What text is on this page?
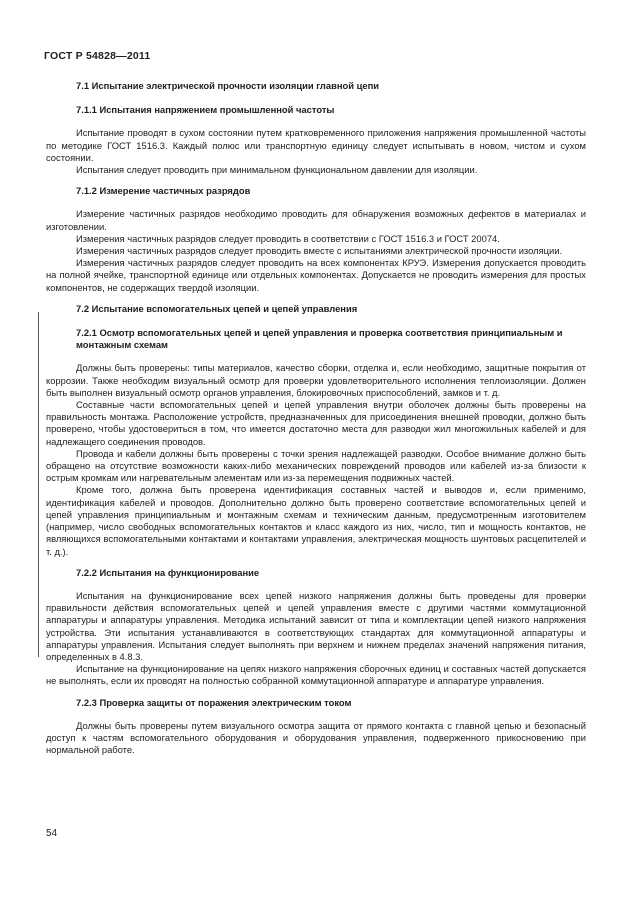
ГОСТ Р 54828—2011

7.1 Испытание электрической прочности изоляции главной цепи

7.1.1 Испытания напряжением промышленной частоты

Испытание проводят в сухом состоянии путем кратковременного приложения напряжения промышленной частоты по методике ГОСТ 1516.3. Каждый полюс или транспортную единицу следует испытывать в новом, чистом и сухом состоянии.

Испытания следует проводить при минимальном функциональном давлении для изоляции.

7.1.2 Измерение частичных разрядов

Измерение частичных разрядов необходимо проводить для обнаружения возможных дефектов в материалах и изготовлении.

Измерения частичных разрядов следует проводить в соответствии с ГОСТ 1516.3 и ГОСТ 20074.

Измерения частичных разрядов следует проводить вместе с испытаниями электрической прочности изоляции.

Измерения частичных разрядов следует проводить на всех компонентах КРУЭ. Измерения допускается проводить на полной ячейке, транспортной единице или отдельных компонентах. Допускается не проводить измерения для простых компонентов, не содержащих твердой изоляции.

7.2 Испытание вспомогательных цепей и цепей управления

7.2.1 Осмотр вспомогательных цепей и цепей управления и проверка соответствия принципиальным и монтажным схемам

Должны быть проверены: типы материалов, качество сборки, отделка и, если необходимо, защитные покрытия от коррозии. Также необходим визуальный осмотр для проверки удовлетворительного исполнения теплоизоляции. Должен быть выполнен визуальный осмотр органов управления, блокировочных приспособлений, замков и т. д.

Составные части вспомогательных цепей и цепей управления внутри оболочек должны быть проверены на правильность монтажа. Расположение устройств, предназначенных для присоединения внешней проводки, должно быть проверено, чтобы удостовериться в том, что имеется достаточно места для разводки жил многожильных кабелей и для надлежащего соединения проводов.

Провода и кабели должны быть проверены с точки зрения надлежащей разводки. Особое внимание должно быть обращено на отсутствие возможности каких-либо механических повреждений проводов или кабелей из-за близости к острым кромкам или нагревательным элементам или из-за перемещения подвижных частей.

Кроме того, должна быть проверена идентификация составных частей и выводов и, если применимо, идентификация кабелей и проводов. Дополнительно должно быть проверено соответствие вспомогательных цепей и цепей управления принципиальным и монтажным схемам и техническим данным, предусмотренным изготовителем (например, число свободных вспомогательных контактов и класс каждого из них, число, тип и мощность контактов, не являющихся вспомогательными контактами и контактами управления, электрическая мощность шунтовых расцепителей и т. д.).

7.2.2 Испытания на функционирование

Испытания на функционирование всех цепей низкого напряжения должны быть проведены для проверки правильности действия вспомогательных цепей и цепей управления вместе с другими частями коммутационной аппаратуры и аппаратуры управления. Методика испытаний зависит от типа и комплектации цепей низкого напряжения устройства. Эти испытания устанавливаются в соответствующих стандартах для коммутационной аппаратуры и аппаратуры управления. Испытания следует выполнять при верхнем и нижнем пределах значений напряжения питания, определенных в 4.8.3.

Испытание на функционирование на цепях низкого напряжения сборочных единиц и составных частей допускается не выполнять, если их проводят на полностью собранной коммутационной аппаратуре и аппаратуре управления.

7.2.3 Проверка защиты от поражения электрическим током

Должны быть проверены путем визуального осмотра защита от прямого контакта с главной цепью и безопасный доступ к частям вспомогательного оборудования и оборудования управления, подверженного прикосновению при нормальной работе.

54
